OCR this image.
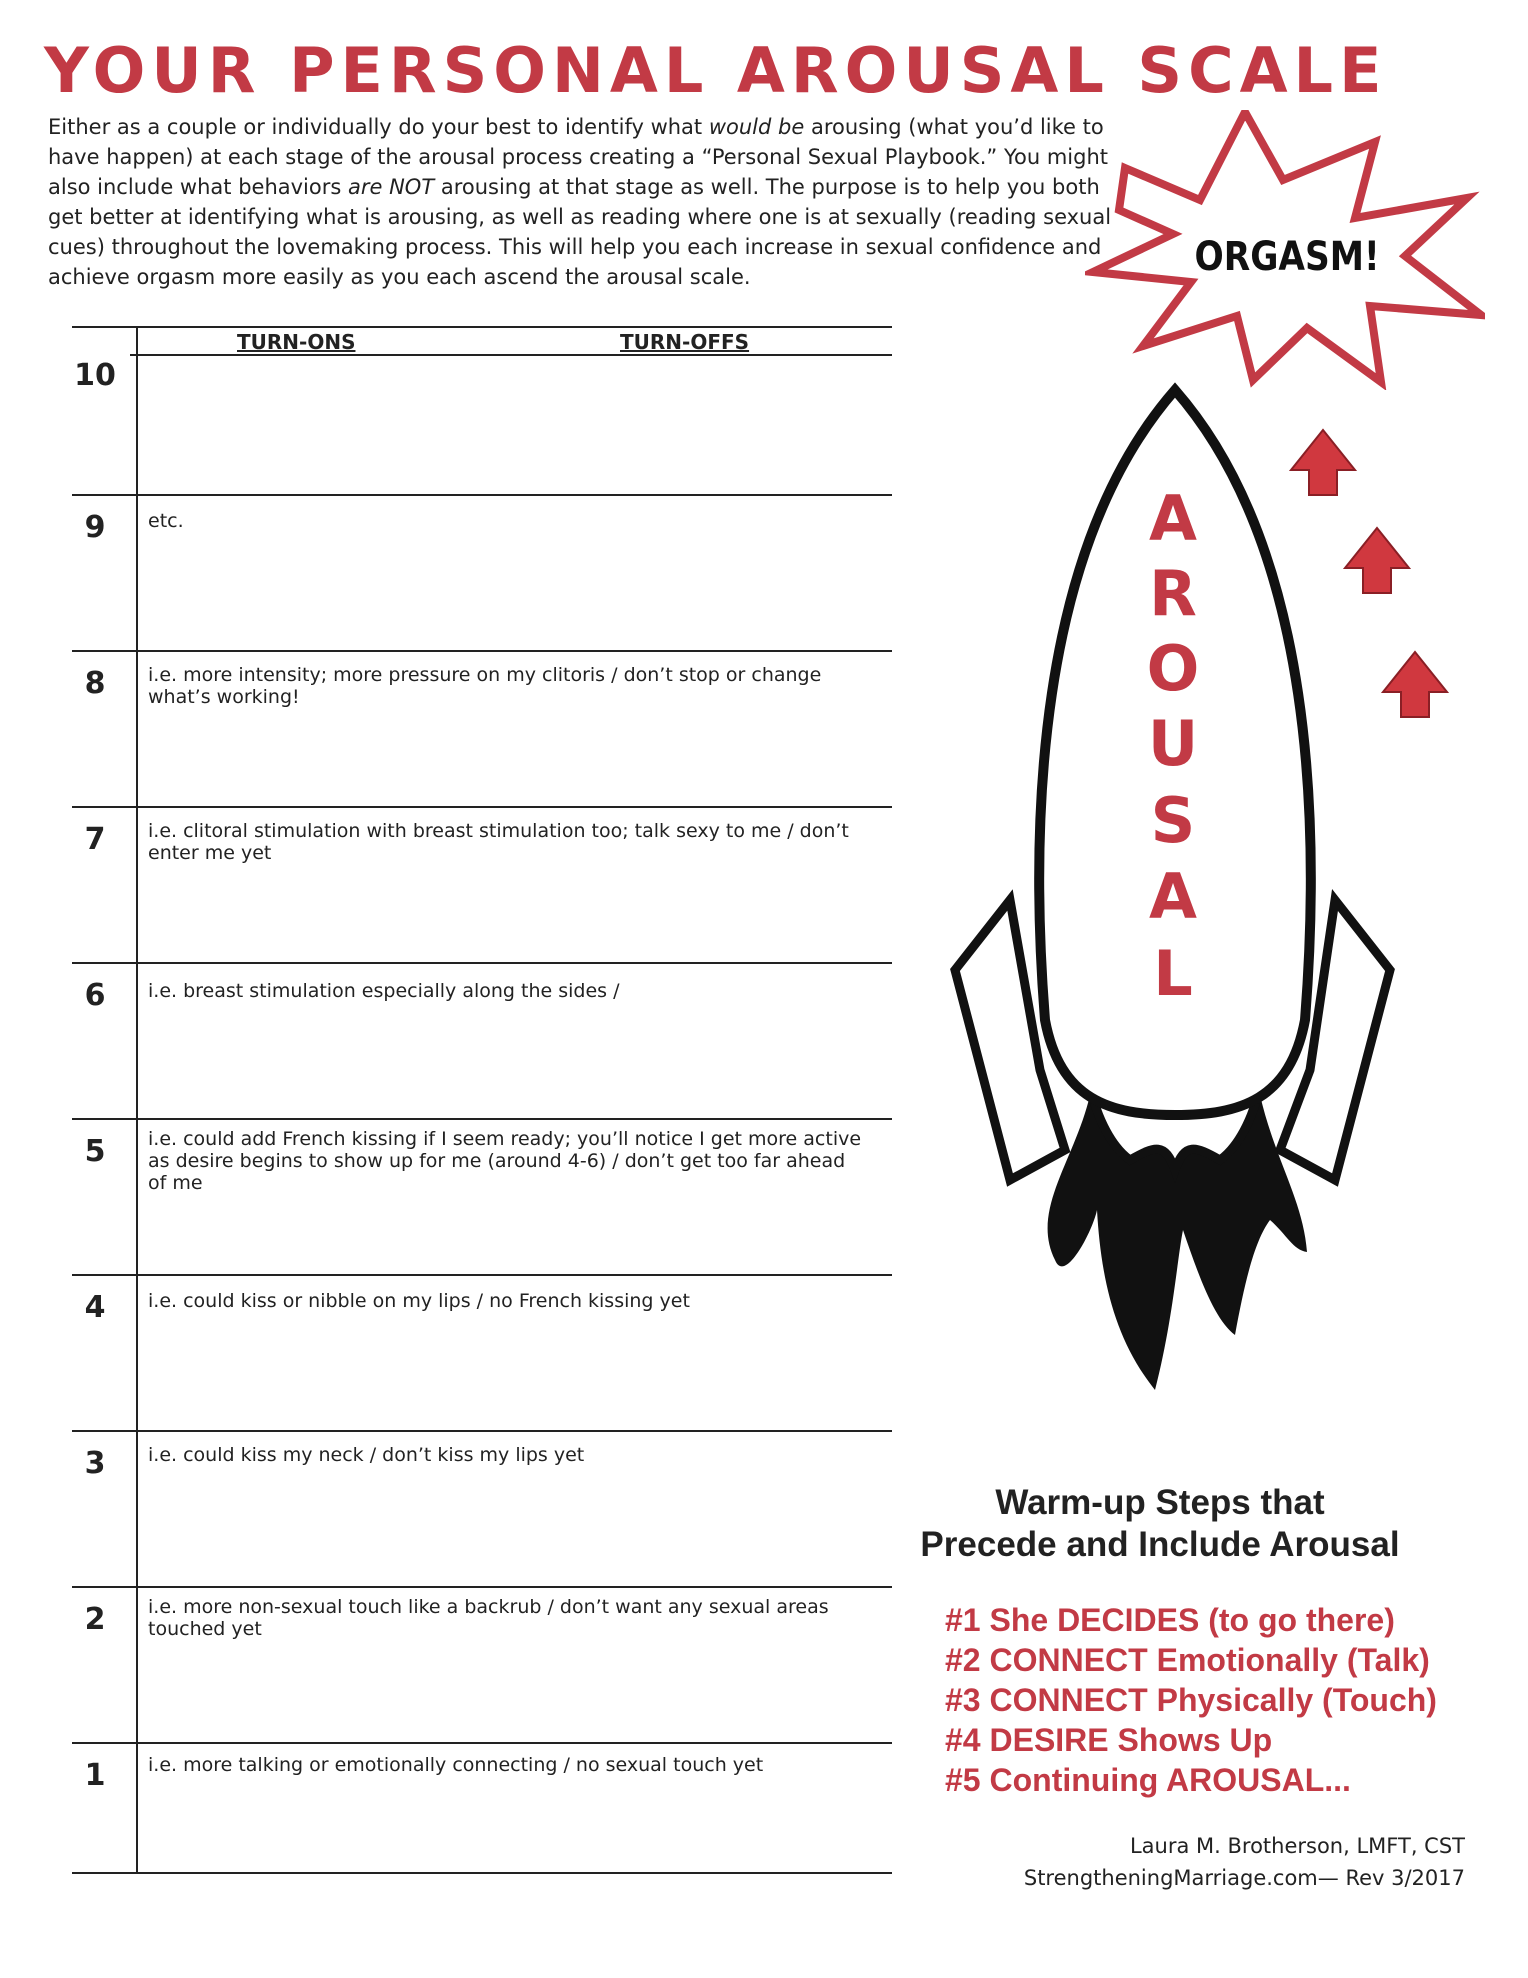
YOUR PERSONAL AROUSAL SCALE
Either as a couple or individually do your best to identify what would be arousing (what you’d like to have happen) at each stage of the arousal process creating a “Personal Sexual Playbook.” You might also include what behaviors are NOT arousing at that stage as well. The purpose is to help you both get better at identifying what is arousing, as well as reading where one is at sexually (reading sexual cues) throughout the lovemaking process. This will help you each increase in sexual confidence and achieve orgasm more easily as you each ascend the arousal scale.	ORGASM!
TURN-ONS	TURN-OFFS
10
9	etc.
8	i.e. more intensity; more pressure on my clitoris / don’t stop or change what’s working!
7	i.e. clitoral stimulation with breast stimulation too; talk sexy to me / don’t enter me yet
6	i.e. breast stimulation especially along the sides /
5	i.e. could add French kissing if I seem ready; you’ll notice I get more active as desire begins to show up for me (around 4-6) / don’t get too far ahead of me
4	i.e. could kiss or nibble on my lips / no French kissing yet
3	i.e. could kiss my neck / don’t kiss my lips yet
2	i.e. more non-sexual touch like a backrub / don’t want any sexual areas touched yet
1	i.e. more talking or emotionally connecting / no sexual touch yet
A
R
O
U
S
A
L
Warm-up Steps that
Precede and Include Arousal
#1 She DECIDES (to go there)
#2 CONNECT Emotionally (Talk)
#3 CONNECT Physically (Touch)
#4 DESIRE Shows Up
#5 Continuing AROUSAL...
Laura M. Brotherson, LMFT, CST
StrengtheningMarriage.com— Rev 3/2017
